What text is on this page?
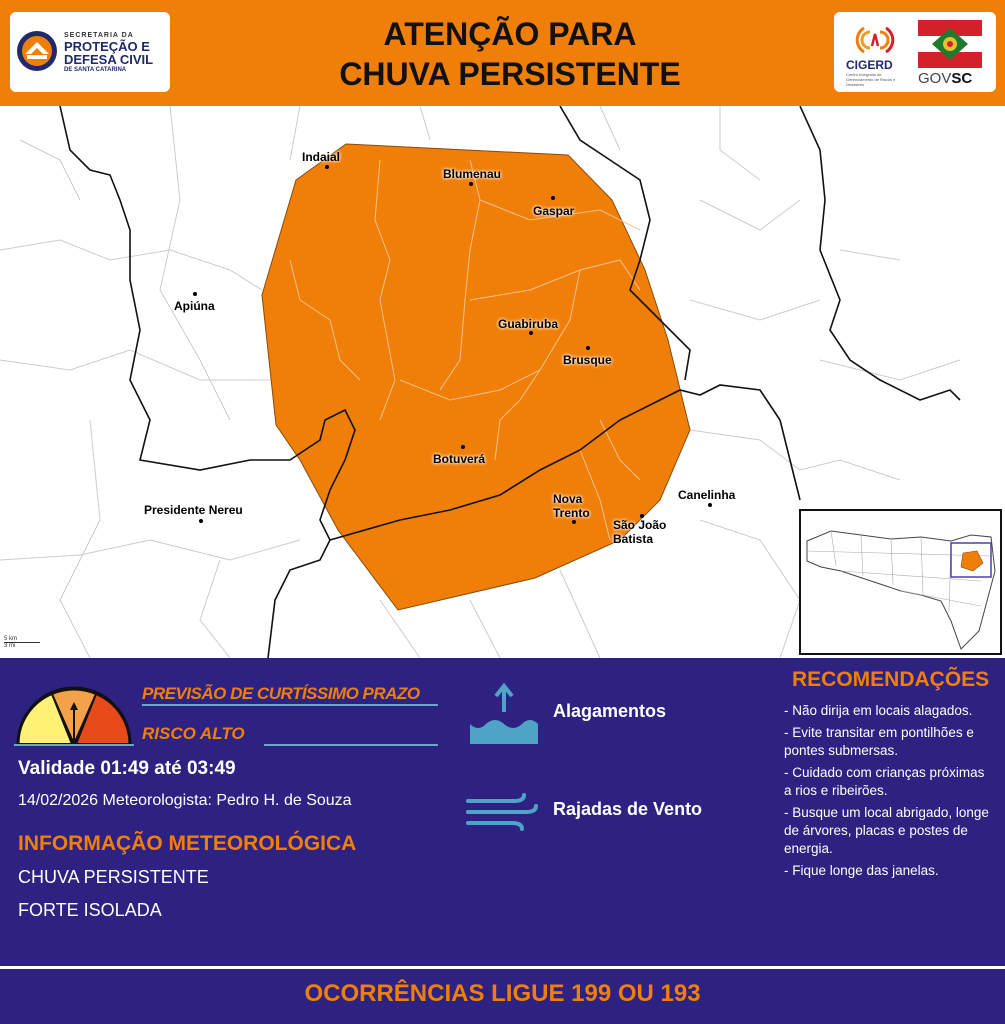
SECRETARIA DA
PROTEÇÃO E
DEFESA CIVIL
DE SANTA CATARINA
ATENÇÃO PARA
CHUVA PERSISTENTE	CIGERD
Centro Integrado de Gerenciamento de Riscos e Desastres	GOVSC
Indaial
Blumenau
Gaspar
Apiúna
Guabiruba
Brusque
Botuverá
Nova Trento
São João Batista
Canelinha
Presidente Nereu
5 km
3 mi
PREVISÃO DE CURTÍSSIMO PRAZO
RISCO ALTO
Validade 01:49 até 03:49
14/02/2026 Meteorologista: Pedro H. de Souza
INFORMAÇÃO METEOROLÓGICA
CHUVA PERSISTENTE
FORTE ISOLADA
Alagamentos
Rajadas de Vento
RECOMENDAÇÕES
- Não dirija em locais alagados.
- Evite transitar em pontilhões e pontes submersas.
- Cuidado com crianças próximas a rios e ribeirões.
- Busque um local abrigado, longe de árvores, placas e postes de energia.
- Fique longe das janelas.
OCORRÊNCIAS LIGUE 199 OU 193
